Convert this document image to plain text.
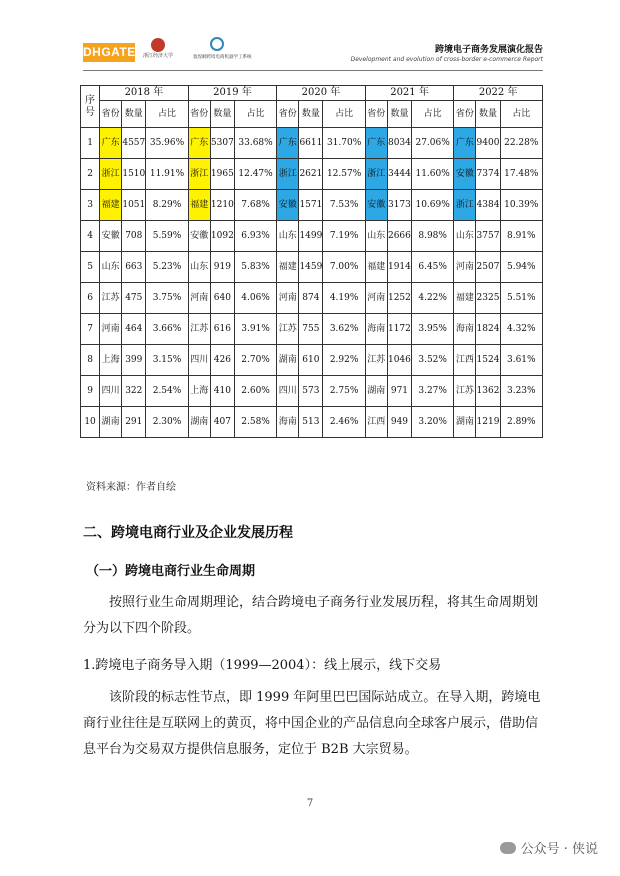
DHGATE 浙江经济大学	敦煌網跨境电商机器学工系统
跨境电子商务发展演化报告
Development and evolution of cross-border e-commerce Report
序号	2018 年			2019 年			2020 年			2021 年			2022 年		
	省份	数量	占比	省份	数量	占比	省份	数量	占比	省份	数量	占比	省份	数量	占比
1	广东	4557	35.96%	广东	5307	33.68%	广东	6611	31.70%	广东	8034	27.06%	广东	9400	22.28%
2	浙江	1510	11.91%	浙江	1965	12.47%	浙江	2621	12.57%	浙江	3444	11.60%	安徽	7374	17.48%
3	福建	1051	8.29%	福建	1210	7.68%	安徽	1571	7.53%	安徽	3173	10.69%	浙江	4384	10.39%
4	安徽	708	5.59%	安徽	1092	6.93%	山东	1499	7.19%	山东	2666	8.98%	山东	3757	8.91%
5	山东	663	5.23%	山东	919	5.83%	福建	1459	7.00%	福建	1914	6.45%	河南	2507	5.94%
6	江苏	475	3.75%	河南	640	4.06%	河南	874	4.19%	河南	1252	4.22%	福建	2325	5.51%
7	河南	464	3.66%	江苏	616	3.91%	江苏	755	3.62%	海南	1172	3.95%	海南	1824	4.32%
8	上海	399	3.15%	四川	426	2.70%	湖南	610	2.92%	江苏	1046	3.52%	江西	1524	3.61%
9	四川	322	2.54%	上海	410	2.60%	四川	573	2.75%	湖南	971	3.27%	江苏	1362	3.23%
10	湖南	291	2.30%	湖南	407	2.58%	海南	513	2.46%	江西	949	3.20%	湖南	1219	2.89%
资料来源：作者自绘
二、跨境电商行业及企业发展历程
（一）跨境电商行业生命周期
按照行业生命周期理论，结合跨境电子商务行业发展历程，将其生命周期划分为以下四个阶段。
1.跨境电子商务导入期（1999—2004）：线上展示，线下交易
该阶段的标志性节点，即 1999 年阿里巴巴国际站成立。在导入期，跨境电商行业往往是互联网上的黄页，将中国企业的产品信息向全球客户展示，借助信息平台为交易双方提供信息服务，定位于 B2B 大宗贸易。
7
公众号 · 侠说
